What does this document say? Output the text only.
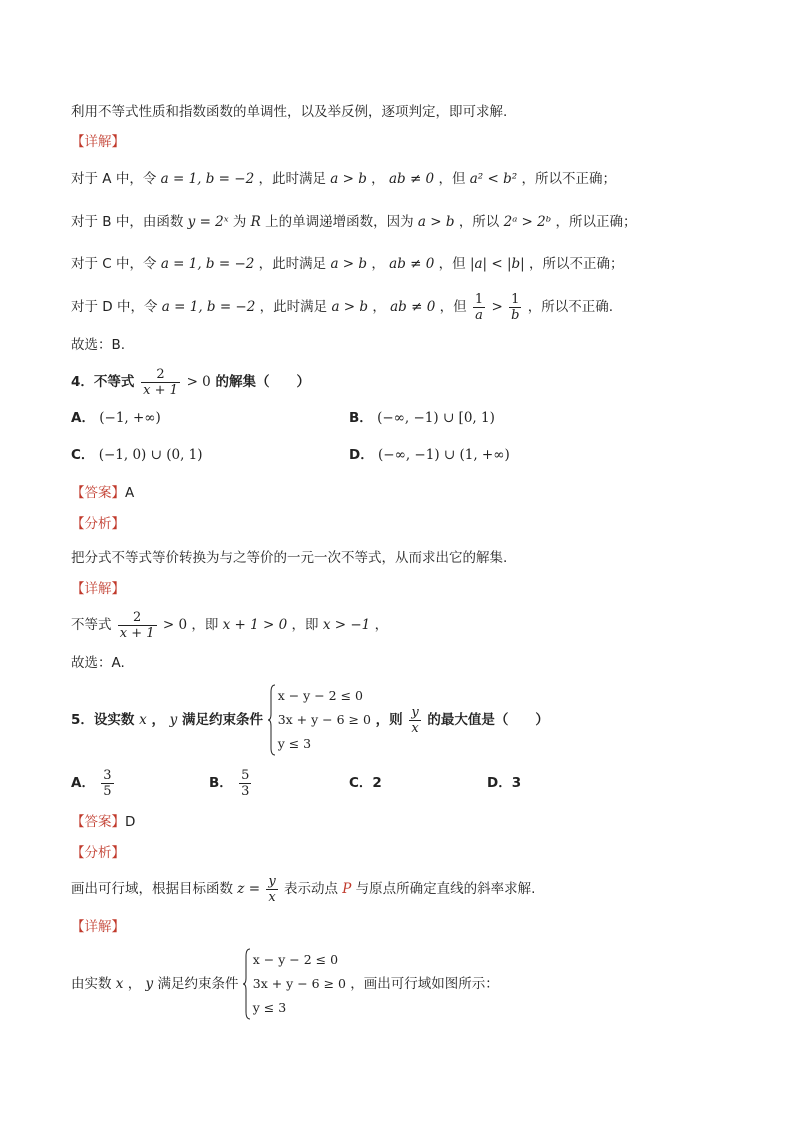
利用不等式性质和指数函数的单调性，以及举反例，逐项判定，即可求解.
【详解】
对于 A 中，令 a = 1, b = −2 ，此时满足 a > b ， ab ≠ 0 ，但 a² < b² ，所以不正确；
对于 B 中，由函数 y = 2ˣ 为 R 上的单调递增函数，因为 a > b ，所以 2ᵃ > 2ᵇ ，所以正确；
对于 C 中，令 a = 1, b = −2 ，此时满足 a > b ， ab ≠ 0 ，但 |a| < |b| ，所以不正确；
对于 D 中，令 a = 1, b = −2 ，此时满足 a > b ， ab ≠ 0 ，但 $\frac{1}{a} > \frac{1}{b}$ ，所以不正确.
故选：B.
4．不等式 $\frac{2}{x + 1} > 0$ 的解集（　　）
A． (−1, +∞)	B． (−∞, −1) ∪ [0, 1)
C． (−1, 0) ∪ (0, 1)	D． (−∞, −1) ∪ (1, +∞)
【答案】A
【分析】
把分式不等式等价转换为与之等价的一元一次不等式，从而求出它的解集.
【详解】
不等式 $\frac{2}{x + 1} > 0$ ，即 x + 1 > 0 ，即 x > −1 ，
故选：A.
5．设实数 x ， y 满足约束条件
x − y − 2 ≤ 0
3x + y − 6 ≥ 0
y ≤ 3
，则 $\frac{y}{x}$ 的最大值是（　　）
A． $\frac{3}{5}$	B． $\frac{5}{3}$	C．2	D．3
【答案】D
【分析】
画出可行域，根据目标函数 $z = \frac{y}{x}$ 表示动点 P 与原点所确定直线的斜率求解.
【详解】
由实数 x ， y 满足约束条件
x − y − 2 ≤ 0
3x + y − 6 ≥ 0
y ≤ 3
，画出可行域如图所示：
